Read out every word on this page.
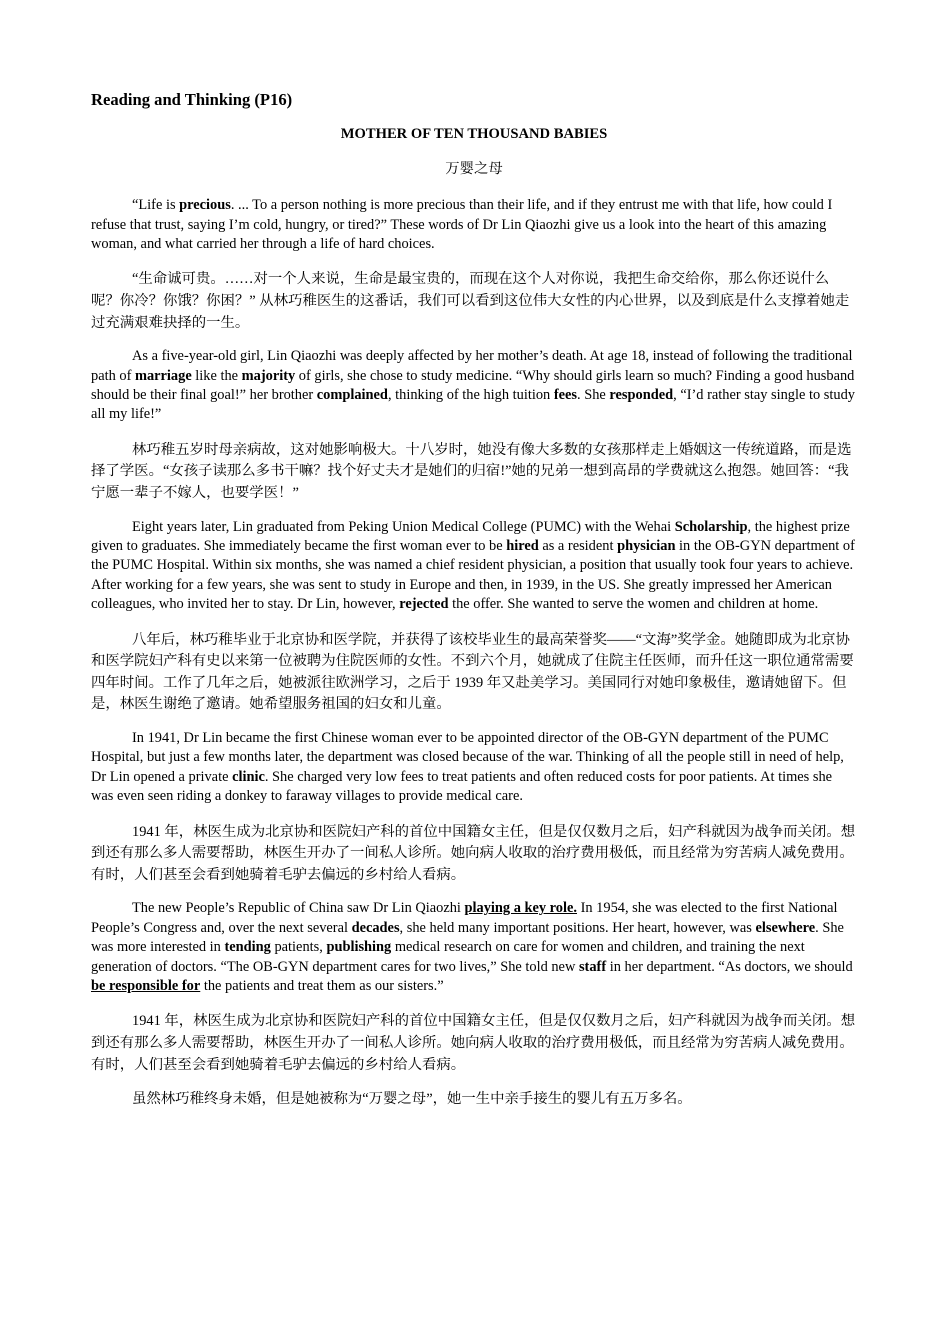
Reading and Thinking (P16)
MOTHER OF TEN THOUSAND BABIES
万婴之母

“Life is precious. ... To a person nothing is more precious than their life, and if they entrust me with that life, how could I refuse that trust, saying I’m cold, hungry, or tired?” These words of Dr Lin Qiaozhi give us a look into the heart of this amazing woman, and what carried her through a life of hard choices.

“生命诚可贵。……对一个人来说，生命是最宝贵的，而现在这个人对你说，我把生命交给你，那么你还说什么呢？你冷？你饿？你困？” 从林巧稚医生的这番话，我们可以看到这位伟大女性的内心世界，以及到底是什么支撑着她走过充满艰难抉择的一生。

As a five-year-old girl, Lin Qiaozhi was deeply affected by her mother’s death. At age 18, instead of following the traditional path of marriage like the majority of girls, she chose to study medicine. “Why should girls learn so much? Finding a good husband should be their final goal!” her brother complained, thinking of the high tuition fees. She responded, “I’d rather stay single to study all my life!”

林巧稚五岁时母亲病故，这对她影响极大。十八岁时，她没有像大多数的女孩那样走上婚姻这一传统道路，而是选择了学医。“女孩子读那么多书干嘛？找个好丈夫才是她们的归宿!”她的兄弟一想到高昂的学费就这么抱怨。她回答：“我宁愿一辈子不嫁人，也要学医！”

Eight years later, Lin graduated from Peking Union Medical College (PUMC) with the Wehai Scholarship, the highest prize given to graduates. She immediately became the first woman ever to be hired as a resident physician in the OB-GYN department of the PUMC Hospital. Within six months, she was named a chief resident physician, a position that usually took four years to achieve. After working for a few years, she was sent to study in Europe and then, in 1939, in the US. She greatly impressed her American colleagues, who invited her to stay. Dr Lin, however, rejected the offer. She wanted to serve the women and children at home.

八年后，林巧稚毕业于北京协和医学院，并获得了该校毕业生的最高荣誉奖——“文海”奖学金。她随即成为北京协和医学院妇产科有史以来第一位被聘为住院医师的女性。不到六个月，她就成了住院主任医师，而升任这一职位通常需要四年时间。工作了几年之后，她被派往欧洲学习，之后于 1939 年又赴美学习。美国同行对她印象极佳，邀请她留下。但是，林医生谢绝了邀请。她希望服务祖国的妇女和儿童。

In 1941, Dr Lin became the first Chinese woman ever to be appointed director of the OB-GYN department of the PUMC Hospital, but just a few months later, the department was closed because of the war. Thinking of all the people still in need of help, Dr Lin opened a private clinic. She charged very low fees to treat patients and often reduced costs for poor patients. At times she was even seen riding a donkey to faraway villages to provide medical care.

1941 年，林医生成为北京协和医院妇产科的首位中国籍女主任，但是仅仅数月之后，妇产科就因为战争而关闭。想到还有那么多人需要帮助，林医生开办了一间私人诊所。她向病人收取的治疗费用极低，而且经常为穷苦病人减免费用。有时，人们甚至会看到她骑着毛驴去偏远的乡村给人看病。

The new People’s Republic of China saw Dr Lin Qiaozhi playing a key role. In 1954, she was elected to the first National People’s Congress and, over the next several decades, she held many important positions. Her heart, however, was elsewhere. She was more interested in tending patients, publishing medical research on care for women and children, and training the next generation of doctors. “The OB-GYN department cares for two lives,” She told new staff in her department. “As doctors, we should be responsible for the patients and treat them as our sisters.”

1941 年，林医生成为北京协和医院妇产科的首位中国籍女主任，但是仅仅数月之后，妇产科就因为战争而关闭。想到还有那么多人需要帮助，林医生开办了一间私人诊所。她向病人收取的治疗费用极低，而且经常为穷苦病人减免费用。有时，人们甚至会看到她骑着毛驴去偏远的乡村给人看病。

虽然林巧稚终身未婚，但是她被称为“万婴之母”，她一生中亲手接生的婴儿有五万多名。
